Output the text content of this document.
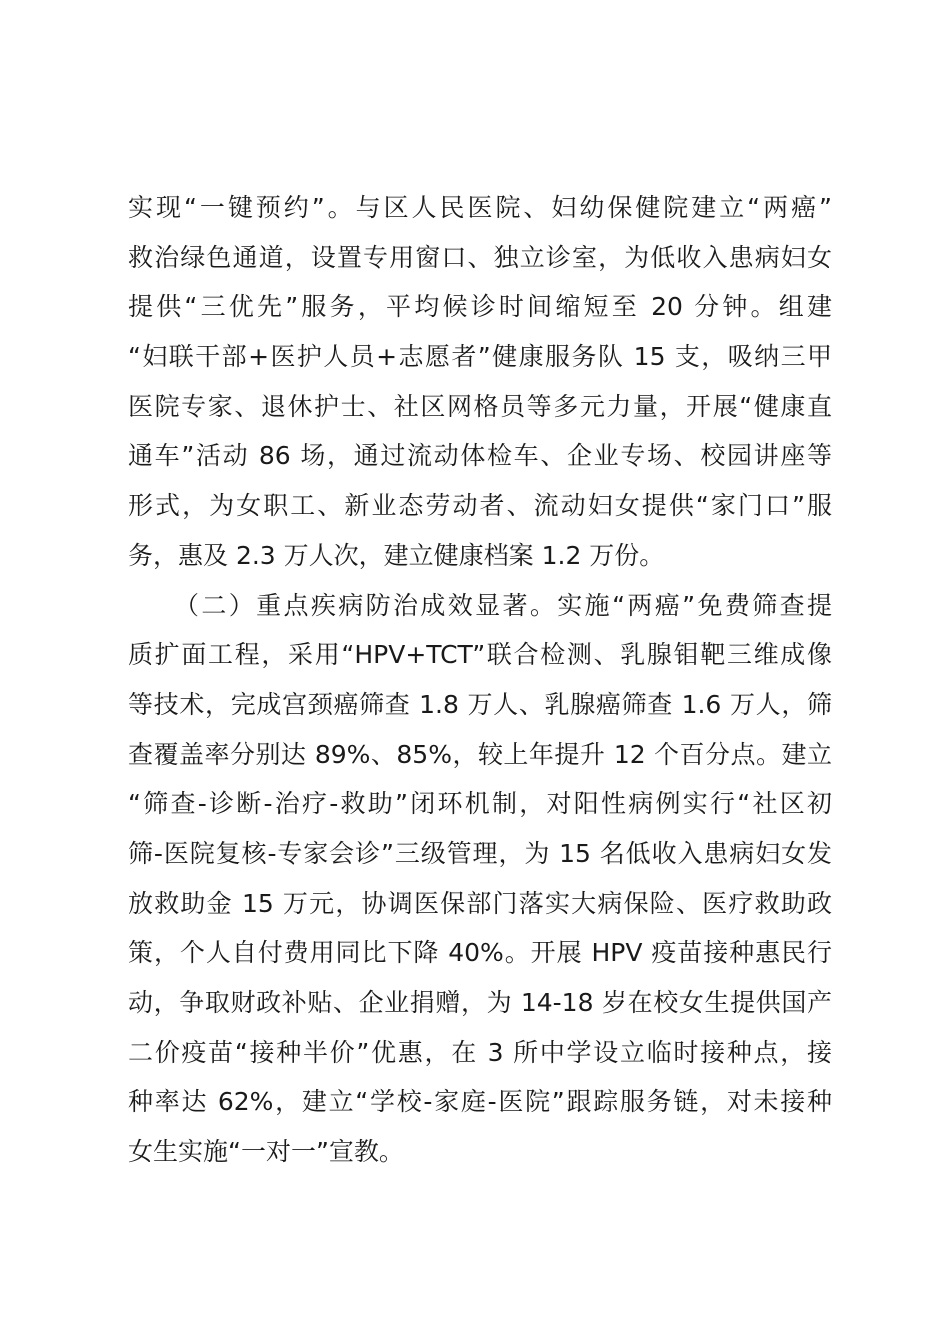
实现“一键预约”。与区人民医院、妇幼保健院建立“两癌”
救治绿色通道，设置专用窗口、独立诊室，为低收入患病妇女
提供“三优先”服务，平均候诊时间缩短至 20 分钟。组建
“妇联干部+医护人员+志愿者”健康服务队 15 支，吸纳三甲
医院专家、退休护士、社区网格员等多元力量，开展“健康直
通车”活动 86 场，通过流动体检车、企业专场、校园讲座等
形式，为女职工、新业态劳动者、流动妇女提供“家门口”服
务，惠及 2.3 万人次，建立健康档案 1.2 万份。
（二）重点疾病防治成效显著。实施“两癌”免费筛查提
质扩面工程，采用“HPV+TCT”联合检测、乳腺钼靶三维成像
等技术，完成宫颈癌筛查 1.8 万人、乳腺癌筛查 1.6 万人，筛
查覆盖率分别达 89%、85%，较上年提升 12 个百分点。建立
“筛查-诊断-治疗-救助”闭环机制，对阳性病例实行“社区初
筛-医院复核-专家会诊”三级管理，为 15 名低收入患病妇女发
放救助金 15 万元，协调医保部门落实大病保险、医疗救助政
策，个人自付费用同比下降 40%。开展 HPV 疫苗接种惠民行
动，争取财政补贴、企业捐赠，为 14-18 岁在校女生提供国产
二价疫苗“接种半价”优惠，在 3 所中学设立临时接种点，接
种率达 62%，建立“学校-家庭-医院”跟踪服务链，对未接种
女生实施“一对一”宣教。
